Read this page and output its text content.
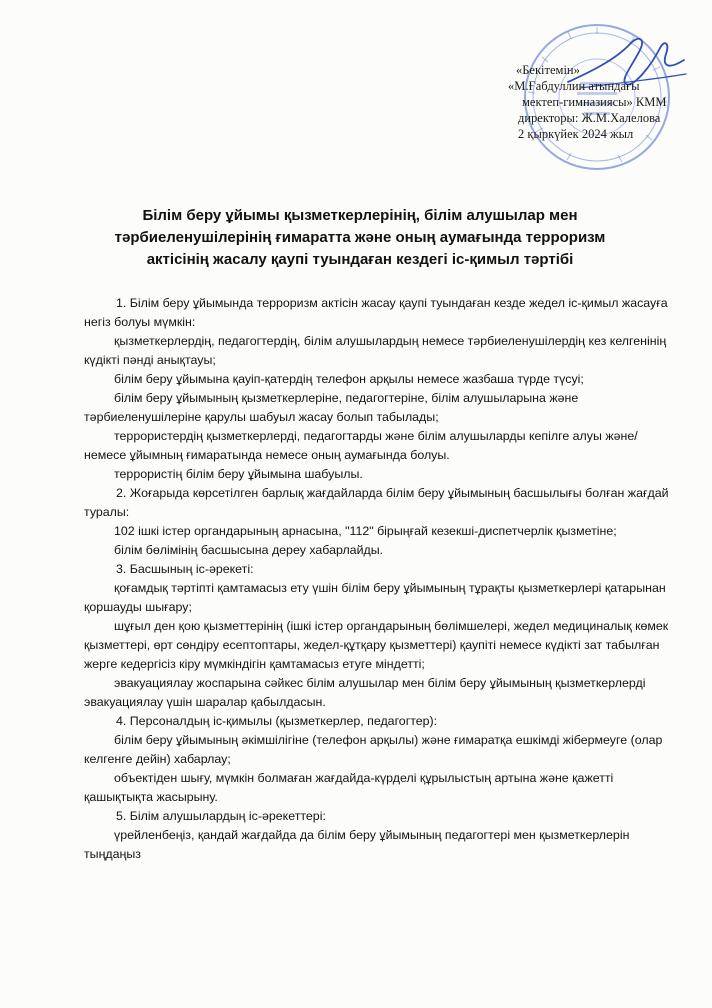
«Бекітемін»
«М.Ғабдуллин атындағы
мектеп-гимназиясы» КММ
директоры: Ж.М.Халелова
2 қыркүйек 2024 жыл
Білім беру ұйымы қызметкерлерінің, білім алушылар мен
тәрбиеленушілерінің ғимаратта және оның аумағында терроризм
актісінің жасалу қаупі туындаған кездегі іс-қимыл тәртібі

1. Білім беру ұйымында терроризм актісін жасау қаупі туындаған кезде жедел іс-қимыл жасауға негіз болуы мүмкін:

қызметкерлердің, педагогтердің, білім алушылардың немесе тәрбиеленушілердің кез келгенінің күдікті пәнді анықтауы;

білім беру ұйымына қауіп-қатердің телефон арқылы немесе жазбаша түрде түсуі;

білім беру ұйымының қызметкерлеріне, педагогтеріне, білім алушыларына және тәрбиеленушілеріне қарулы шабуыл жасау болып табылады;

террористердің қызметкерлерді, педагогтарды және білім алушыларды кепілге алуы және/немесе ұйымның ғимаратында немесе оның аумағында болуы.

террористің білім беру ұйымына шабуылы.

2. Жоғарыда көрсетілген барлық жағдайларда білім беру ұйымының басшылығы болған жағдай туралы:

102 ішкі істер органдарының арнасына, "112" бірыңғай кезекші-диспетчерлік қызметіне;

білім бөлімінің басшысына дереу хабарлайды.

3. Басшының іс-әрекеті:

қоғамдық тәртіпті қамтамасыз ету үшін білім беру ұйымының тұрақты қызметкерлері қатарынан қоршауды шығару;

шұғыл ден қою қызметтерінің (ішкі істер органдарының бөлімшелері, жедел медициналық көмек қызметтері, өрт сөндіру есептоптары, жедел-құтқару қызметтері) қаупіті немесе күдікті зат табылған жерге кедергісіз кіру мүмкіндігін қамтамасыз етуге міндетті;

эвакуациялау жоспарына сәйкес білім алушылар мен білім беру ұйымының қызметкерлерді эвакуациялау үшін шаралар қабылдасын.

4. Персоналдың іс-қимылы (қызметкерлер, педагогтер):

білім беру ұйымының әкімшілігіне (телефон арқылы) және ғимаратқа ешкімді жібермеуге (олар келгенге дейін) хабарлау;

объектіден шығу, мүмкін болмаған жағдайда-күрделі құрылыстың артына және қажетті қашықтықта жасырыну.

5. Білім алушылардың іс-әрекеттері:

үрейленбеңіз, қандай жағдайда да білім беру ұйымының педагогтері мен қызметкерлерін тыңдаңыз
